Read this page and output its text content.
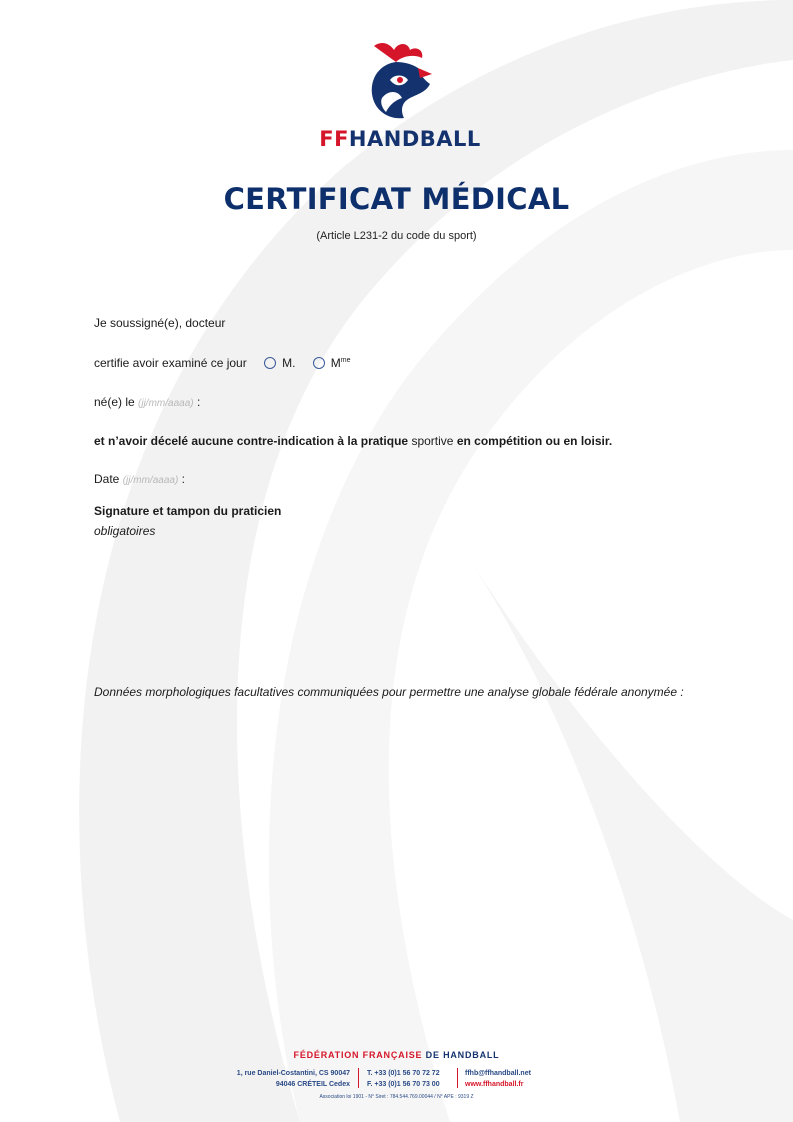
FFHANDBALL
CERTIFICAT MÉDICAL
(Article L231-2 du code du sport)
Je soussigné(e), docteur
certifie avoir examiné ce jour	M.	$M^{me}$
né(e) le (jj/mm/aaaa) :
et n’avoir décelé aucune contre-indication à la pratique sportive en compétition ou en loisir.
Date (jj/mm/aaaa) :
Signature et tampon du praticien
obligatoires
Données morphologiques facultatives communiquées pour permettre une analyse globale fédérale anonymée :
FÉDÉRATION FRANÇAISE DE HANDBALL
1, rue Daniel-Costantini, CS 90047
94046 CRÉTEIL Cedex
T. +33 (0)1 56 70 72 72
F. +33 (0)1 56 70 73 00
ffhb@ffhandball.net
www.ffhandball.fr
Association loi 1901 - N° Siret : 784.544.769.00044 / N° APE : 9319 Z
